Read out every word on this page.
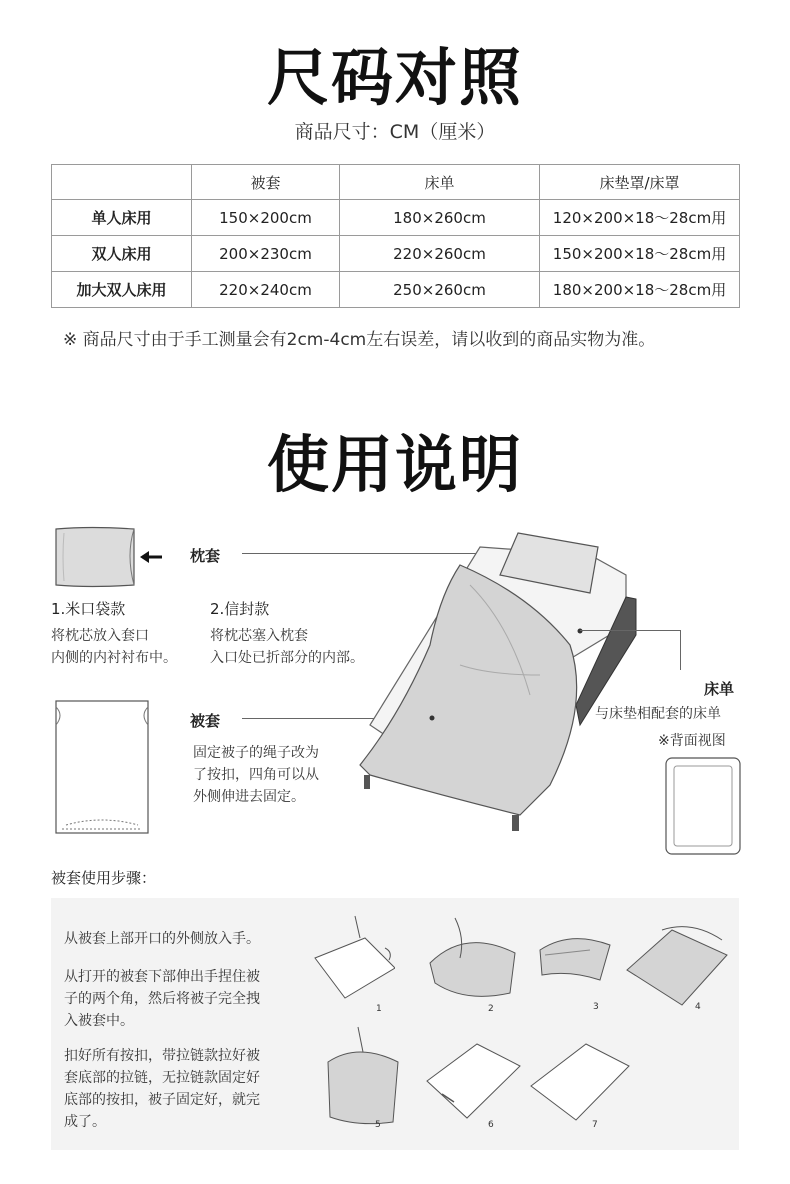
尺码对照
商品尺寸：CM（厘米）
	被套	床单	床垫罩/床罩
单人床用	150×200cm	180×260cm	120×200×18～28cm用
双人床用	200×230cm	220×260cm	150×200×18～28cm用
加大双人床用	220×240cm	250×260cm	180×200×18～28cm用
※ 商品尺寸由于手工测量会有2cm-4cm左右误差，请以收到的商品实物为准。
使用说明
枕套
1.米口袋款
将枕芯放入套口
内侧的内衬衬布中。
2.信封款
将枕芯塞入枕套
入口处已折部分的内部。
被套
固定被子的绳子改为
了按扣，四角可以从
外侧伸进去固定。
床单
与床垫相配套的床单
※背面视图
被套使用步骤：
从被套上部开口的外侧放入手。
从打开的被套下部伸出手捏住被
子的两个角，然后将被子完全拽
入被套中。
扣好所有按扣，带拉链款拉好被
套底部的拉链，无拉链款固定好
底部的按扣，被子固定好，就完
成了。
1	2	3	4
5	6	7
